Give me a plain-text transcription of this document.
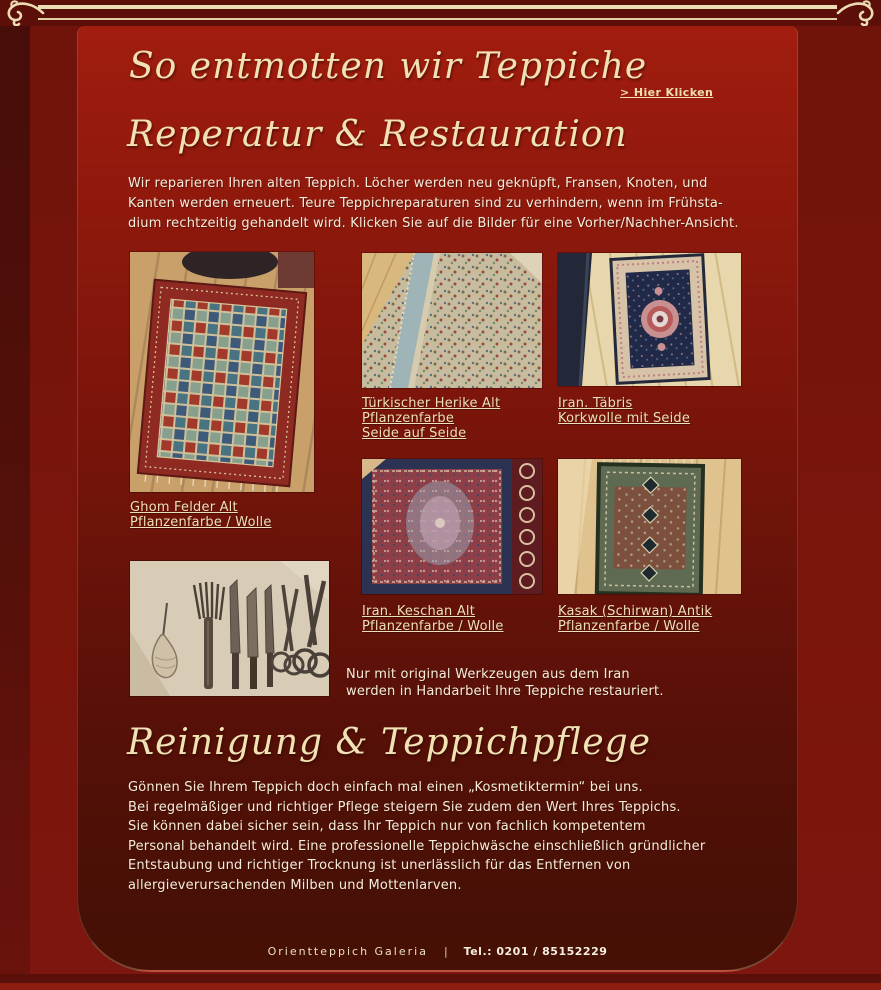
So entmotten wir Teppiche
> Hier Klicken
Reperatur & Restauration
Wir reparieren Ihren alten Teppich. Löcher werden neu geknüpft, Fransen, Knoten, und
Kanten werden erneuert. Teure Teppichreparaturen sind zu verhindern, wenn im Frühsta-
dium rechtzeitig gehandelt wird. Klicken Sie auf die Bilder für eine Vorher/Nachher-Ansicht.
Ghom Felder Alt
Pflanzenfarbe / Wolle
Türkischer Herike Alt
Pflanzenfarbe
Seide auf Seide
Iran. Täbris
Korkwolle mit Seide
Iran. Keschan Alt
Pflanzenfarbe / Wolle
Kasak (Schirwan) Antik
Pflanzenfarbe / Wolle
Nur mit original Werkzeugen aus dem Iran
werden in Handarbeit Ihre Teppiche restauriert.
Reinigung & Teppichpflege
Gönnen Sie Ihrem Teppich doch einfach mal einen „Kosmetiktermin“ bei uns.
Bei regelmäßiger und richtiger Pflege steigern Sie zudem den Wert Ihres Teppichs.
Sie können dabei sicher sein, dass Ihr Teppich nur von fachlich kompetentem
Personal behandelt wird. Eine professionelle Teppichwäsche einschließlich gründlicher
Entstaubung und richtiger Trocknung ist unerlässlich für das Entfernen von
allergieverursachenden Milben und Mottenlarven.
Orientteppich Galeria | Tel.: 0201 / 85152229
